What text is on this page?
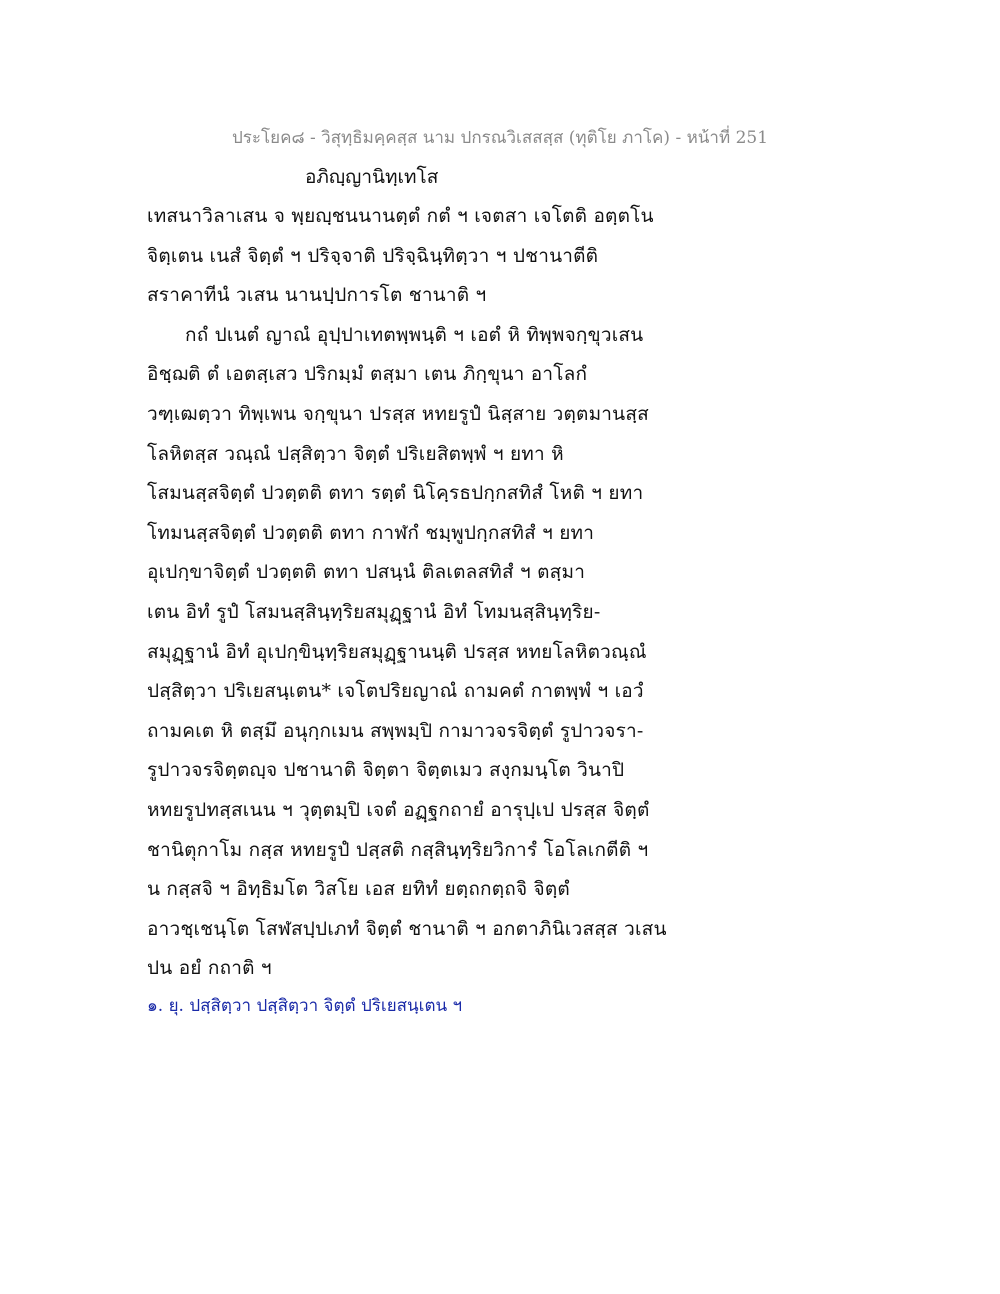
ประโยค๘ - วิสุทฺธิมคฺคสฺส นาม ปกรณวิเสสสฺส (ทุติโย ภาโค) - หน้าที่ 251
อภิญฺญานิทฺเทโส
เทสนาวิลาเสน จ พฺยญฺชนนานตฺตํ กตํ ฯ เจตสา เจโตติ อตฺตโน
จิตฺเตน เนสํ จิตฺตํ ฯ ปริจฺจาติ ปริจฺฉินฺทิตฺวา ฯ ปชานาตีติ
สราคาทีนํ วเสน นานปฺปการโต ชานาติ ฯ
กถํ ปเนตํ ญาณํ อุปฺปาเทตพฺพนฺติ ฯ เอตํ หิ ทิพฺพจกฺขุวเสน
อิชฺฌติ ตํ เอตสฺเสว ปริกมฺมํ ตสฺมา เตน ภิกฺขุนา อาโลกํ
วฑฺเฒตฺวา ทิพฺเพน จกฺขุนา ปรสฺส หทยรูปํ นิสฺสาย วตฺตมานสฺส
โลหิตสฺส วณฺณํ ปสฺสิตฺวา จิตฺตํ ปริเยสิตพฺพํ ฯ ยทา หิ
โสมนสฺสจิตฺตํ ปวตฺตติ ตทา รตฺตํ นิโคฺรธปกฺกสทิสํ โหติ ฯ ยทา
โทมนสฺสจิตฺตํ ปวตฺตติ ตทา กาฬกํ ชมฺพูปกฺกสทิสํ ฯ ยทา
อุเปกฺขาจิตฺตํ ปวตฺตติ ตทา ปสนฺนํ ติลเตลสทิสํ ฯ ตสฺมา
เตน อิทํ รูปํ โสมนสฺสินฺทฺริยสมุฏฺฐานํ อิทํ โทมนสฺสินฺทฺริย-
สมุฏฺฐานํ อิทํ อุเปกฺขินฺทฺริยสมุฏฺฐานนฺติ ปรสฺส หทยโลหิตวณฺณํ
ปสฺสิตฺวา ปริเยสนฺเตน* เจโตปริยญาณํ ถามคตํ กาตพฺพํ ฯ เอวํ
ถามคเต หิ ตสฺมึ อนุกฺกเมน สพฺพมฺปิ กามาวจรจิตฺตํ รูปาวจรา-
รูปาวจรจิตฺตญฺจ ปชานาติ จิตฺตา จิตฺตเมว สงฺกมนฺโต วินาปิ
หทยรูปทสฺสเนน ฯ วุตฺตมฺปิ เจตํ อฏฺฐกถายํ อารุปฺเป ปรสฺส จิตฺตํ
ชานิตุกาโม กสฺส หทยรูปํ ปสฺสติ กสฺสินฺทฺริยวิการํ โอโลเกตีติ ฯ
น กสฺสจิ ฯ อิทฺธิมโต วิสโย เอส ยทิทํ ยตฺถกตฺถจิ จิตฺตํ
อาวชฺเชนฺโต โสฬสปฺปเภทํ จิตฺตํ ชานาติ ฯ อกตาภินิเวสสฺส วเสน
ปน อยํ กถาติ ฯ
๑. ยุ. ปสฺสิตฺวา ปสฺสิตฺวา จิตฺตํ ปริเยสนฺเตน ฯ
